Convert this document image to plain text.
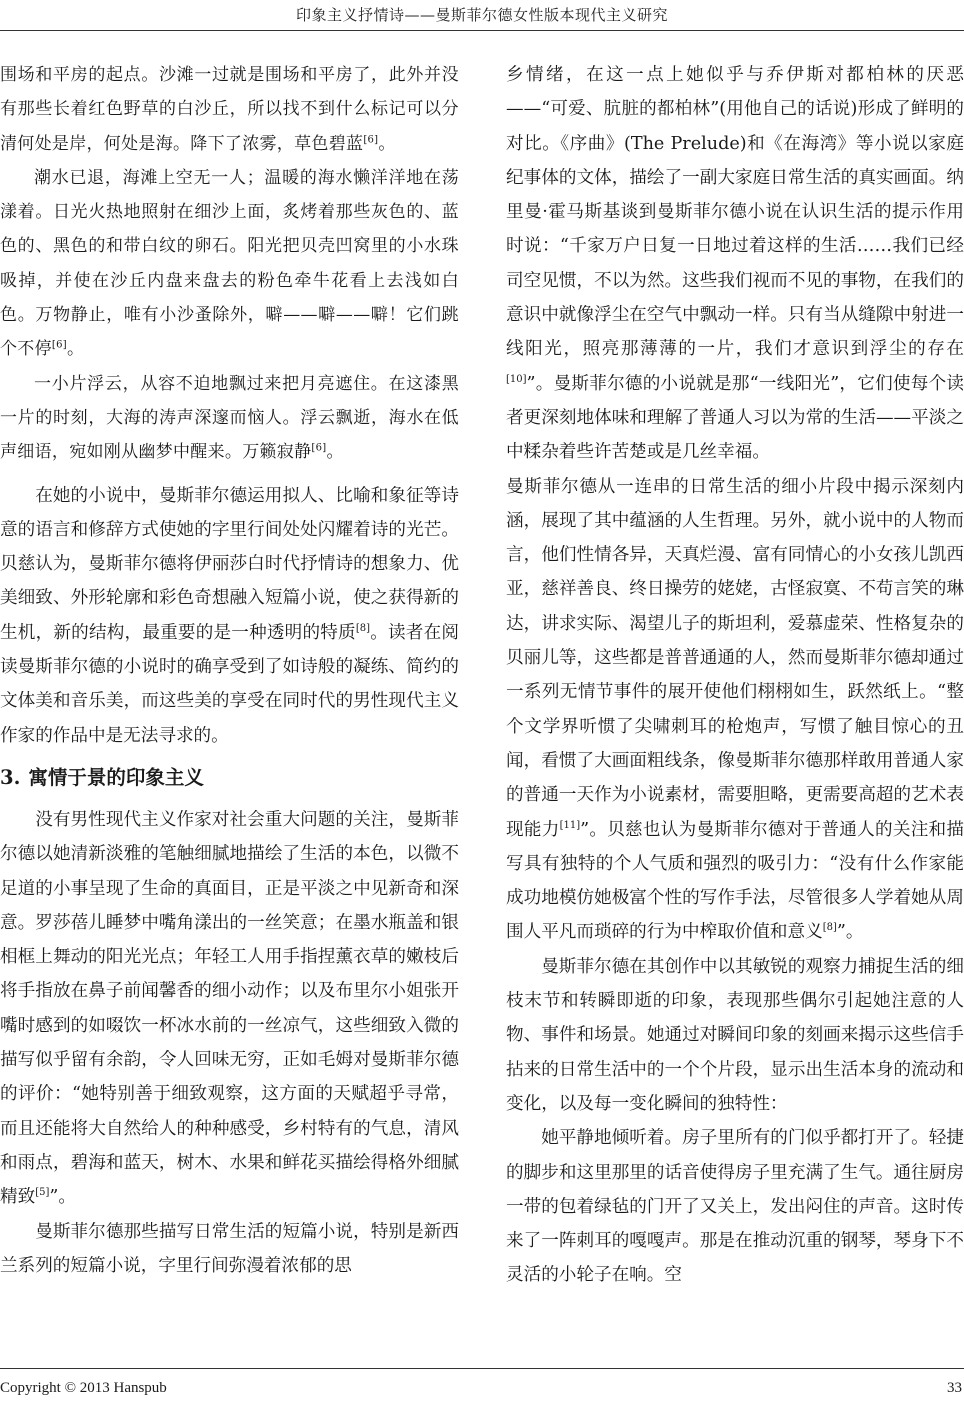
印象主义抒情诗——曼斯菲尔德女性版本现代主义研究

围场和平房的起点。沙滩一过就是围场和平房了，此外并没有那些长着红色野草的白沙丘，所以找不到什么标记可以分清何处是岸，何处是海。降下了浓雾，草色碧蓝[6]。

潮水已退，海滩上空无一人；温暖的海水懒洋洋地在荡漾着。日光火热地照射在细沙上面，炙烤着那些灰色的、蓝色的、黑色的和带白纹的卵石。阳光把贝壳凹窝里的小水珠吸掉，并使在沙丘内盘来盘去的粉色牵牛花看上去浅如白色。万物静止，唯有小沙蚤除外，噼——噼——噼！它们跳个不停[6]。

一小片浮云，从容不迫地飘过来把月亮遮住。在这漆黑一片的时刻，大海的涛声深邃而恼人。浮云飘逝，海水在低声细语，宛如刚从幽梦中醒来。万籁寂静[6]。

在她的小说中，曼斯菲尔德运用拟人、比喻和象征等诗意的语言和修辞方式使她的字里行间处处闪耀着诗的光芒。贝慈认为，曼斯菲尔德将伊丽莎白时代抒情诗的想象力、优美细致、外形轮廓和彩色奇想融入短篇小说，使之获得新的生机，新的结构，最重要的是一种透明的特质[8]。读者在阅读曼斯菲尔德的小说时的确享受到了如诗般的凝练、简约的文体美和音乐美，而这些美的享受在同时代的男性现代主义作家的作品中是无法寻求的。

3. 寓情于景的印象主义

没有男性现代主义作家对社会重大问题的关注，曼斯菲尔德以她清新淡雅的笔触细腻地描绘了生活的本色，以微不足道的小事呈现了生命的真面目，正是平淡之中见新奇和深意。罗莎蓓儿睡梦中嘴角漾出的一丝笑意；在墨水瓶盖和银相框上舞动的阳光光点；年轻工人用手指捏薰衣草的嫩枝后将手指放在鼻子前闻馨香的细小动作；以及布里尔小姐张开嘴时感到的如啜饮一杯冰水前的一丝凉气，这些细致入微的描写似乎留有余韵，令人回味无穷，正如毛姆对曼斯菲尔德的评价：“她特别善于细致观察，这方面的天赋超乎寻常，而且还能将大自然给人的种种感受，乡村特有的气息，清风和雨点，碧海和蓝天，树木、水果和鲜花买描绘得格外细腻精致[5]”。

曼斯菲尔德那些描写日常生活的短篇小说，特别是新西兰系列的短篇小说，字里行间弥漫着浓郁的思

乡情绪，在这一点上她似乎与乔伊斯对都柏林的厌恶——“可爱、肮脏的都柏林”(用他自己的话说)形成了鲜明的对比。《序曲》(The Prelude)和《在海湾》等小说以家庭纪事体的文体，描绘了一副大家庭日常生活的真实画面。纳里曼·霍马斯基谈到曼斯菲尔德小说在认识生活的提示作用时说：“千家万户日复一日地过着这样的生活……我们已经司空见惯，不以为然。这些我们视而不见的事物，在我们的意识中就像浮尘在空气中飘动一样。只有当从缝隙中射进一线阳光，照亮那薄薄的一片，我们才意识到浮尘的存在[10]”。曼斯菲尔德的小说就是那“一线阳光”，它们使每个读者更深刻地体味和理解了普通人习以为常的生活——平淡之中糅杂着些许苦楚或是几丝幸福。

曼斯菲尔德从一连串的日常生活的细小片段中揭示深刻内涵，展现了其中蕴涵的人生哲理。另外，就小说中的人物而言，他们性情各异，天真烂漫、富有同情心的小女孩儿凯西亚，慈祥善良、终日操劳的姥姥，古怪寂寞、不苟言笑的琳达，讲求实际、渴望儿子的斯坦利，爱慕虚荣、性格复杂的贝丽儿等，这些都是普普通通的人，然而曼斯菲尔德却通过一系列无情节事件的展开使他们栩栩如生，跃然纸上。“整个文学界听惯了尖啸刺耳的枪炮声，写惯了触目惊心的丑闻，看惯了大画面粗线条，像曼斯菲尔德那样敢用普通人家的普通一天作为小说素材，需要胆略，更需要高超的艺术表现能力[11]”。贝慈也认为曼斯菲尔德对于普通人的关注和描写具有独特的个人气质和强烈的吸引力：“没有什么作家能成功地模仿她极富个性的写作手法，尽管很多人学着她从周围人平凡而琐碎的行为中榨取价值和意义[8]”。

曼斯菲尔德在其创作中以其敏锐的观察力捕捉生活的细枝末节和转瞬即逝的印象，表现那些偶尔引起她注意的人物、事件和场景。她通过对瞬间印象的刻画来揭示这些信手拈来的日常生活中的一个个片段，显示出生活本身的流动和变化，以及每一变化瞬间的独特性：

她平静地倾听着。房子里所有的门似乎都打开了。轻捷的脚步和这里那里的话音使得房子里充满了生气。通往厨房一带的包着绿毡的门开了又关上，发出闷住的声音。这时传来了一阵刺耳的嘎嘎声。那是在推动沉重的钢琴，琴身下不灵活的小轮子在响。空

Copyright © 2013 Hanspub	33
